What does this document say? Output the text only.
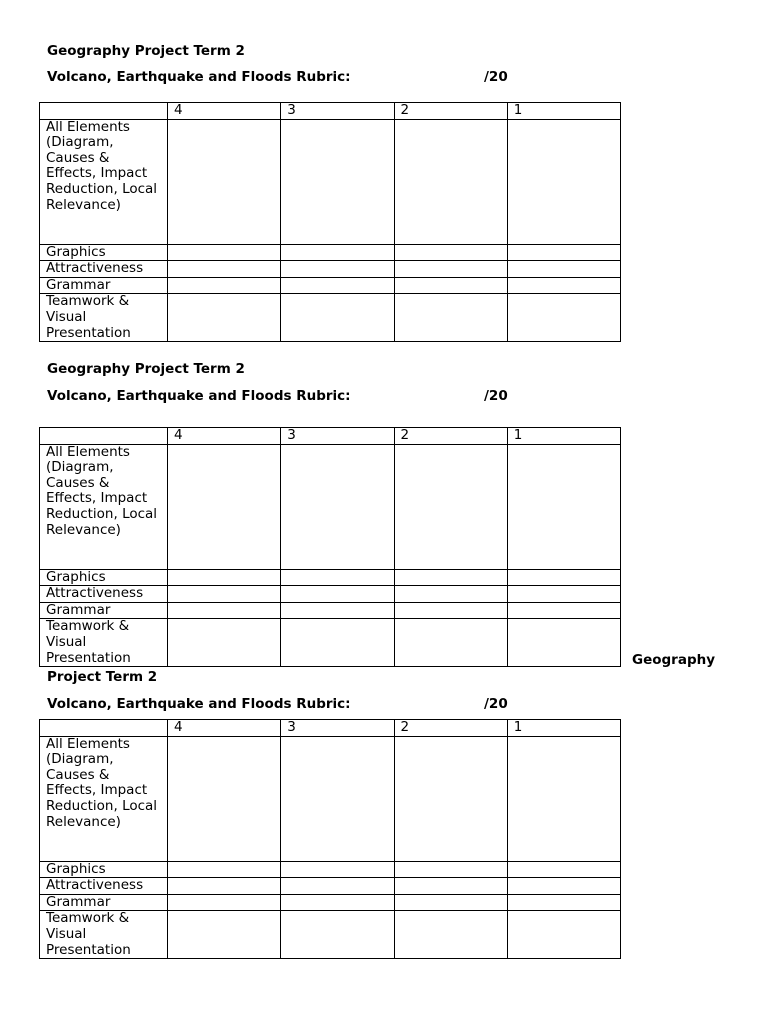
Geography Project Term 2
Volcano, Earthquake and Floods Rubric:	/20
	4	3	2	1
All Elements (Diagram, Causes & Effects, Impact Reduction, Local Relevance)				
Graphics				
Attractiveness				
Grammar				
Teamwork & Visual Presentation				
Geography Project Term 2
Volcano, Earthquake and Floods Rubric:	/20
	4	3	2	1
All Elements (Diagram, Causes & Effects, Impact Reduction, Local Relevance)				
Graphics				
Attractiveness				
Grammar				
Teamwork & Visual Presentation					Geography
Project Term 2
Volcano, Earthquake and Floods Rubric:	/20
	4	3	2	1
All Elements (Diagram, Causes & Effects, Impact Reduction, Local Relevance)				
Graphics				
Attractiveness				
Grammar				
Teamwork & Visual Presentation				
